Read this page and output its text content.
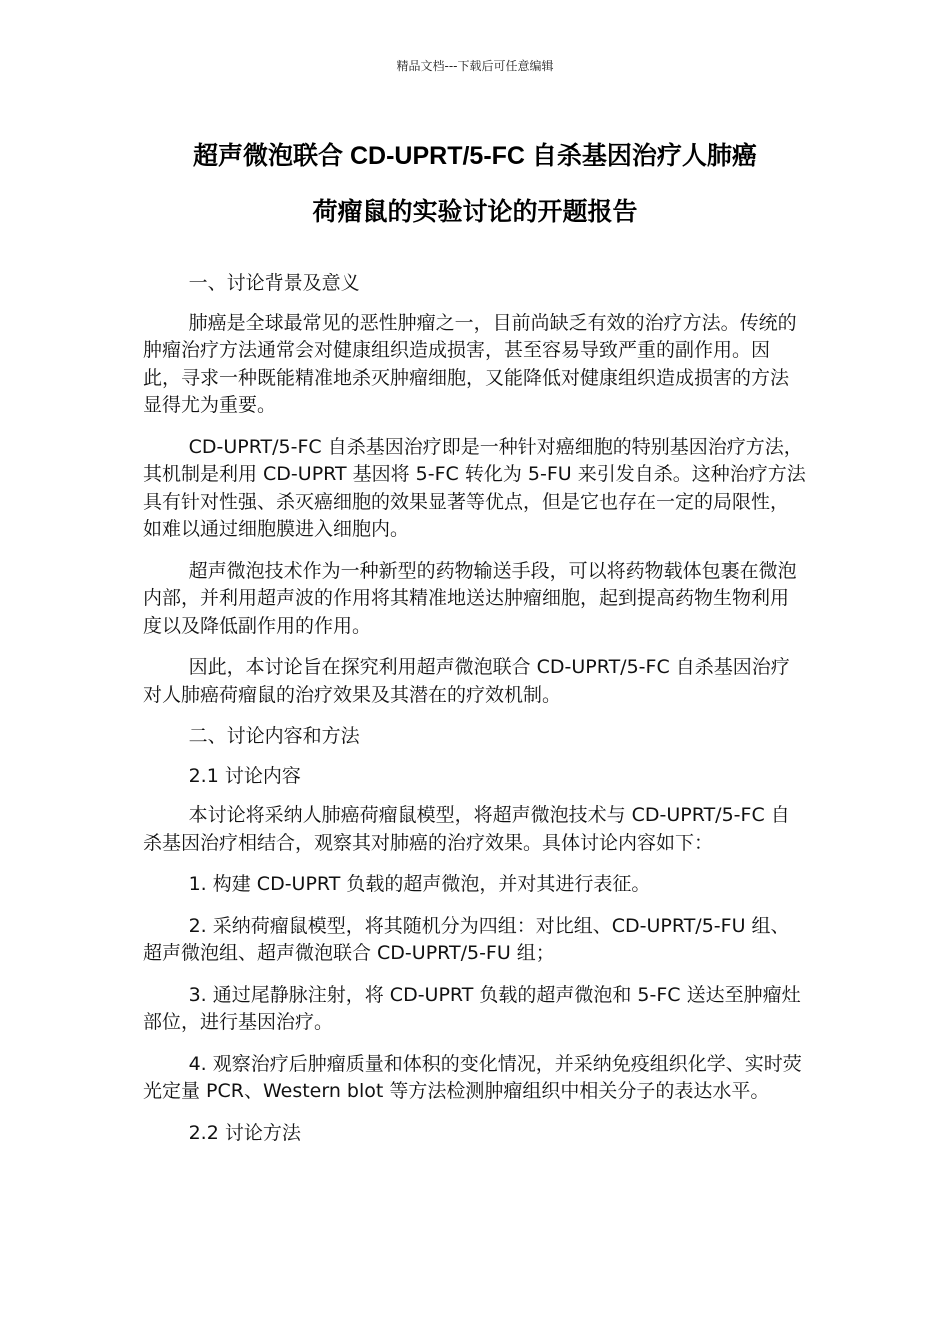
精品文档---下载后可任意编辑
超声微泡联合 CD-UPRT/5-FC 自杀基因治疗人肺癌
荷瘤鼠的实验讨论的开题报告

一、讨论背景及意义

肺癌是全球最常见的恶性肿瘤之一，目前尚缺乏有效的治疗方法。传统的肿瘤治疗方法通常会对健康组织造成损害，甚至容易导致严重的副作用。因此，寻求一种既能精准地杀灭肿瘤细胞，又能降低对健康组织造成损害的方法显得尤为重要。

CD-UPRT/5-FC 自杀基因治疗即是一种针对癌细胞的特别基因治疗方法，其机制是利用 CD-UPRT 基因将 5-FC 转化为 5-FU 来引发自杀。这种治疗方法具有针对性强、杀灭癌细胞的效果显著等优点，但是它也存在一定的局限性，如难以通过细胞膜进入细胞内。

超声微泡技术作为一种新型的药物输送手段，可以将药物载体包裹在微泡内部，并利用超声波的作用将其精准地送达肿瘤细胞，起到提高药物生物利用度以及降低副作用的作用。

因此，本讨论旨在探究利用超声微泡联合 CD-UPRT/5-FC 自杀基因治疗对人肺癌荷瘤鼠的治疗效果及其潜在的疗效机制。

二、讨论内容和方法

2.1 讨论内容

本讨论将采纳人肺癌荷瘤鼠模型，将超声微泡技术与 CD-UPRT/5-FC 自杀基因治疗相结合，观察其对肺癌的治疗效果。具体讨论内容如下：

1. 构建 CD-UPRT 负载的超声微泡，并对其进行表征。

2. 采纳荷瘤鼠模型，将其随机分为四组：对比组、CD-UPRT/5-FU 组、超声微泡组、超声微泡联合 CD-UPRT/5-FU 组；

3. 通过尾静脉注射，将 CD-UPRT 负载的超声微泡和 5-FC 送达至肿瘤灶部位，进行基因治疗。

4. 观察治疗后肿瘤质量和体积的变化情况，并采纳免疫组织化学、实时荧光定量 PCR、Western blot 等方法检测肿瘤组织中相关分子的表达水平。

2.2 讨论方法
